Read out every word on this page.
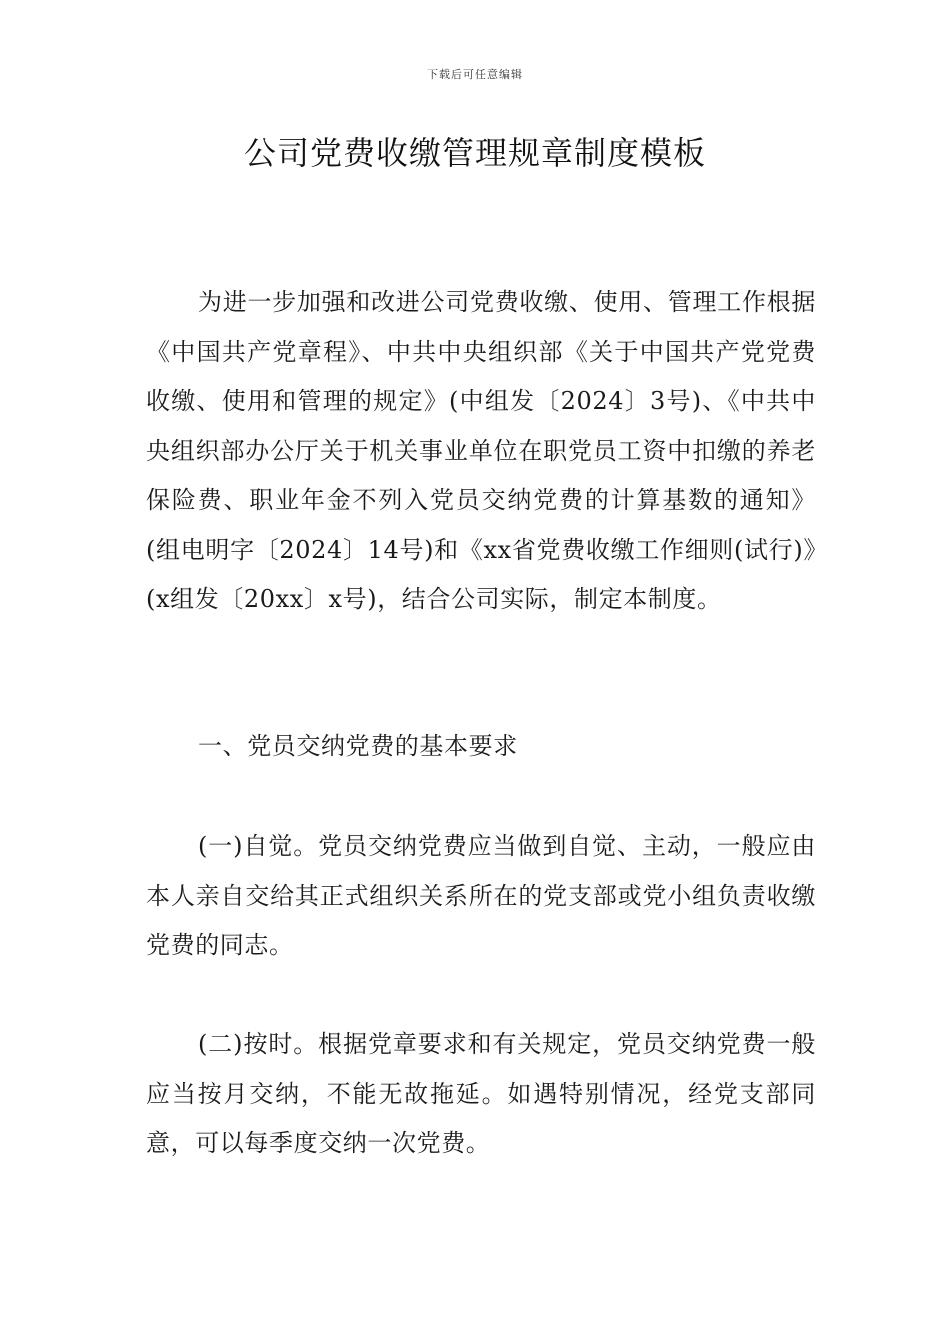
下载后可任意编辑
公司党费收缴管理规章制度模板

为进一步加强和改进公司党费收缴、使用、管理工作根据《中国共产党章程》、中共中央组织部《关于中国共产党党费收缴、使用和管理的规定》(中组发〔2024〕3号)、《中共中央组织部办公厅关于机关事业单位在职党员工资中扣缴的养老保险费、职业年金不列入党员交纳党费的计算基数的通知》(组电明字〔2024〕14号)和《xx省党费收缴工作细则(试行)》(x组发〔20xx〕x号)，结合公司实际，制定本制度。

一、党员交纳党费的基本要求

(一)自觉。党员交纳党费应当做到自觉、主动，一般应由本人亲自交给其正式组织关系所在的党支部或党小组负责收缴党费的同志。

(二)按时。根据党章要求和有关规定，党员交纳党费一般应当按月交纳，不能无故拖延。如遇特别情况，经党支部同意，可以每季度交纳一次党费。
